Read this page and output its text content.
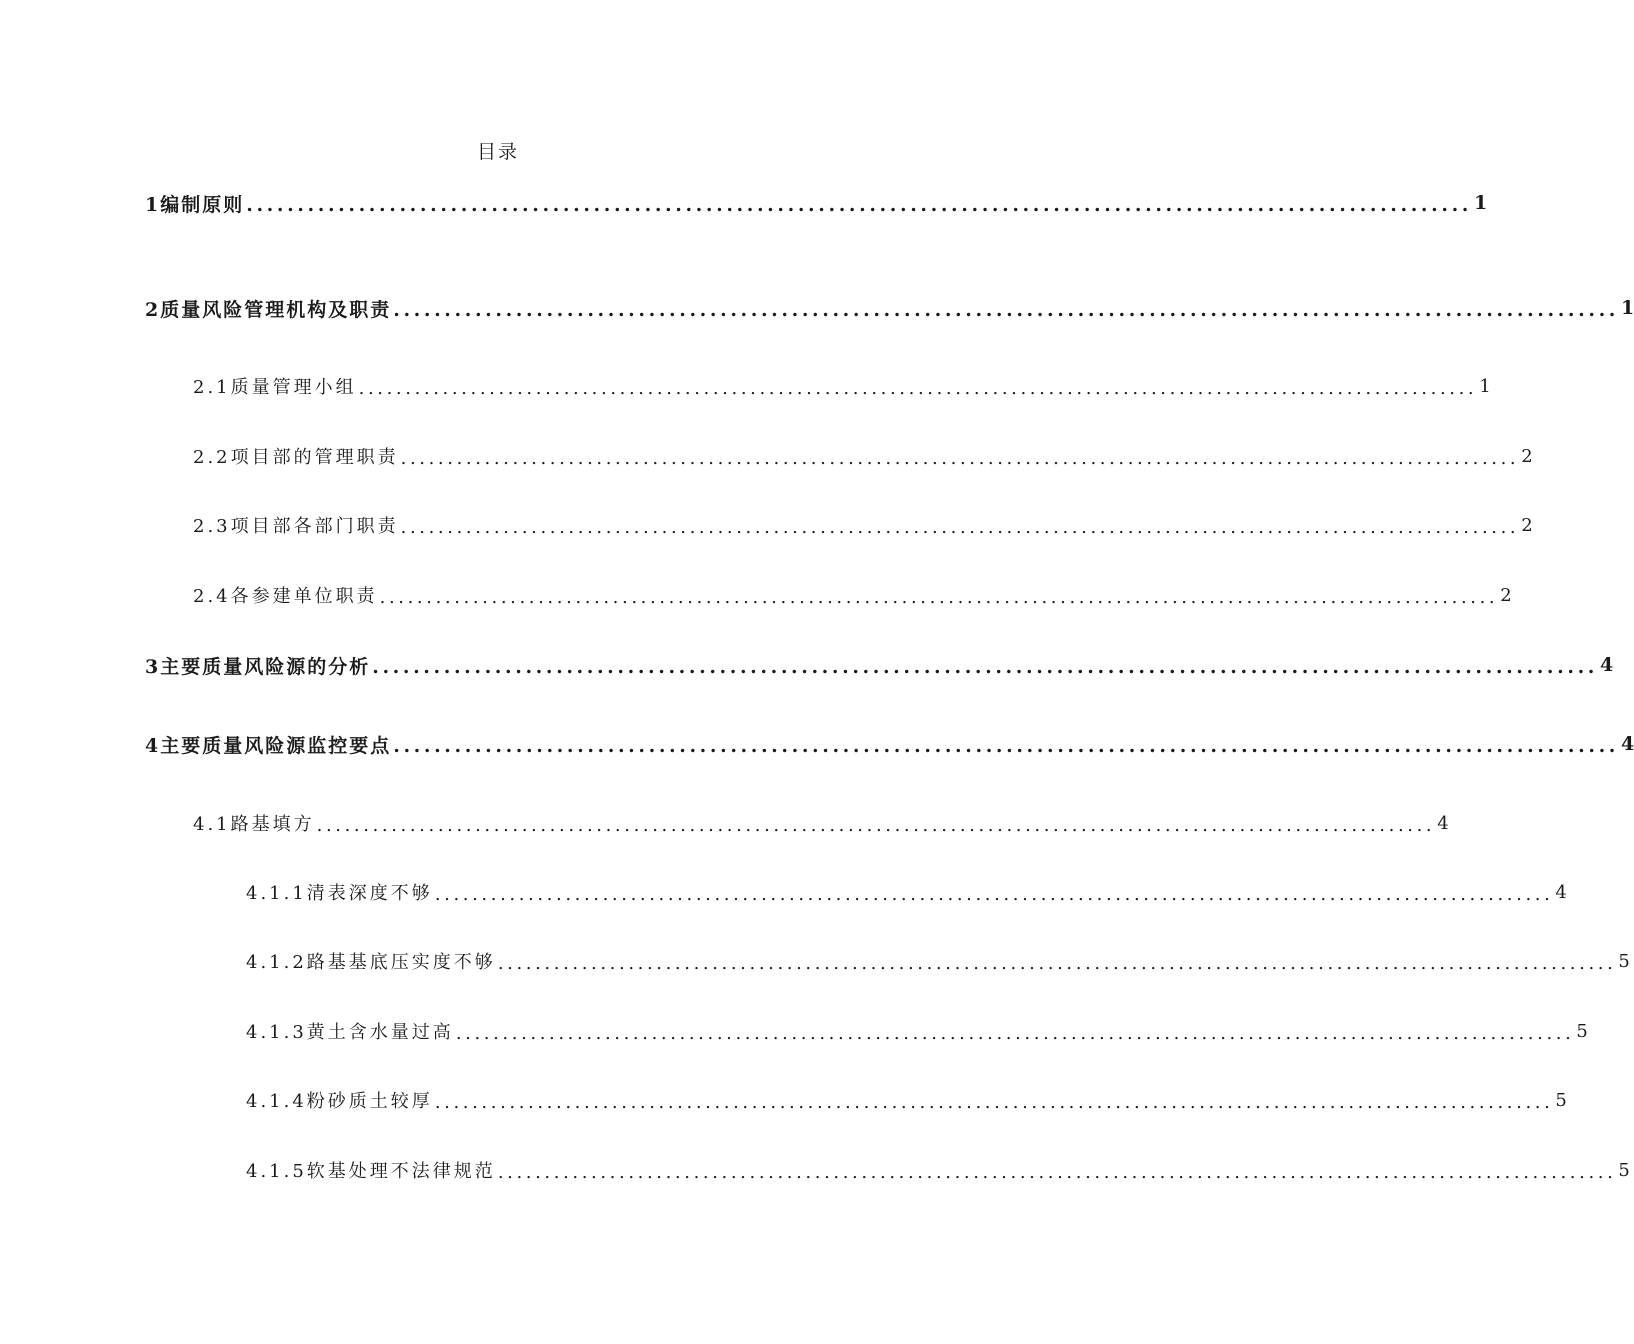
目录
1编制原则 ........................................................................................................................ 1
2质量风险管理机构及职责 ........................................................................................................................ 1
2.1质量管理小组 ........................................................................................................................ 1
2.2项目部的管理职责 ........................................................................................................................ 2
2.3项目部各部门职责 ........................................................................................................................ 2
2.4各参建单位职责 ........................................................................................................................ 2
3主要质量风险源的分析 ........................................................................................................................ 4
4主要质量风险源监控要点 ........................................................................................................................ 4
4.1路基填方 ........................................................................................................................ 4
4.1.1清表深度不够 ........................................................................................................................ 4
4.1.2路基基底压实度不够 ........................................................................................................................ 5
4.1.3黄土含水量过高 ........................................................................................................................ 5
4.1.4粉砂质土较厚 ........................................................................................................................ 5
4.1.5软基处理不法律规范 ........................................................................................................................ 5
